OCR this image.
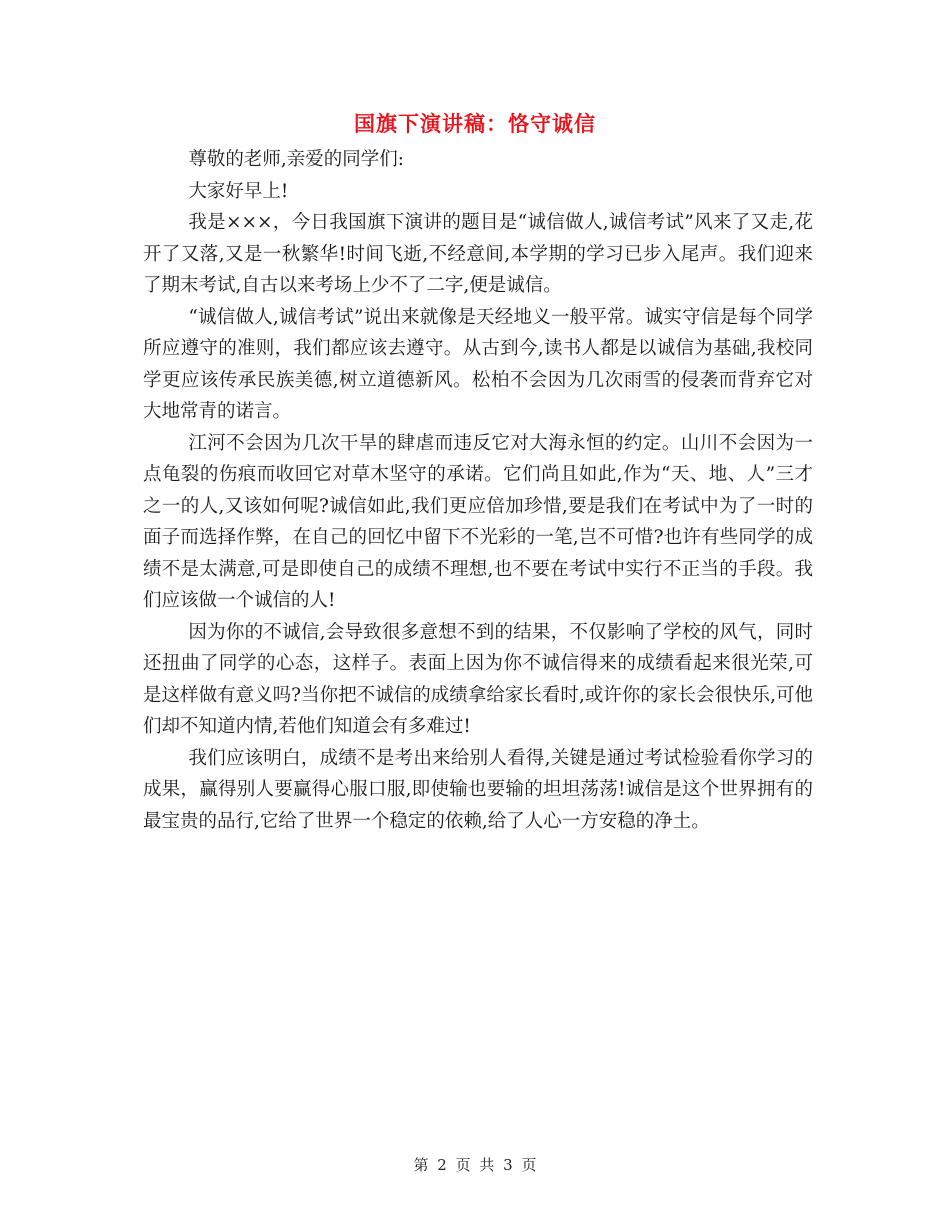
国旗下演讲稿：恪守诚信

尊敬的老师,亲爱的同学们:

大家好早上!

我是×××，今日我国旗下演讲的题目是“诚信做人,诚信考试”风来了又走,花开了又落,又是一秋繁华!时间飞逝,不经意间,本学期的学习已步入尾声。我们迎来了期末考试,自古以来考场上少不了二字,便是诚信。

“诚信做人,诚信考试”说出来就像是天经地义一般平常。诚实守信是每个同学所应遵守的准则，我们都应该去遵守。从古到今,读书人都是以诚信为基础,我校同学更应该传承民族美德,树立道德新风。松柏不会因为几次雨雪的侵袭而背弃它对大地常青的诺言。

江河不会因为几次干旱的肆虐而违反它对大海永恒的约定。山川不会因为一点龟裂的伤痕而收回它对草木坚守的承诺。它们尚且如此,作为“天、地、人”三才之一的人,又该如何呢?诚信如此,我们更应倍加珍惜,要是我们在考试中为了一时的面子而选择作弊，在自己的回忆中留下不光彩的一笔,岂不可惜?也许有些同学的成绩不是太满意,可是即使自己的成绩不理想,也不要在考试中实行不正当的手段。我们应该做一个诚信的人!

因为你的不诚信,会导致很多意想不到的结果，不仅影响了学校的风气，同时还扭曲了同学的心态，这样子。表面上因为你不诚信得来的成绩看起来很光荣,可是这样做有意义吗?当你把不诚信的成绩拿给家长看时,或许你的家长会很快乐,可他们却不知道内情,若他们知道会有多难过!

我们应该明白，成绩不是考出来给别人看得,关键是通过考试检验看你学习的成果，赢得别人要赢得心服口服,即使输也要输的坦坦荡荡!诚信是这个世界拥有的最宝贵的品行,它给了世界一个稳定的依赖,给了人心一方安稳的净土。

第 2 页 共 3 页
